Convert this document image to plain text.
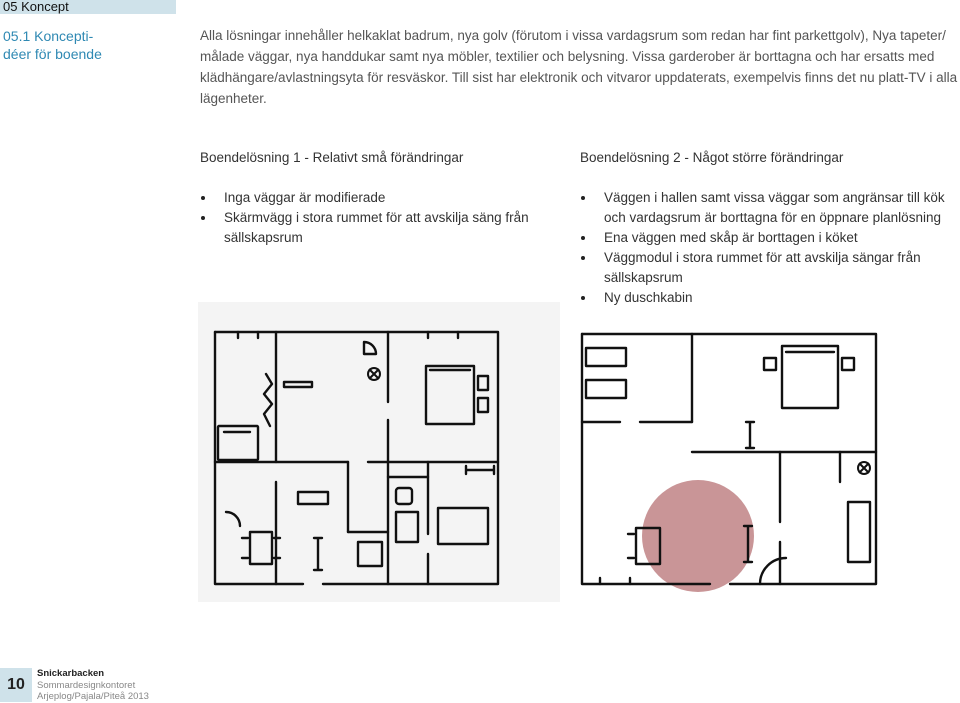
05 Koncept

05.1 Koncepti-
déer för boende

Alla lösningar innehåller helkaklat badrum, nya golv (förutom i vissa vardagsrum som redan har fint parkettgolv), Nya tapeter/
målade väggar, nya handdukar samt nya möbler, textilier och belysning. Vissa garderober är borttagna och har ersatts med
klädhängare/avlastningsyta för resväskor. Till sist har elektronik och vitvaror uppdaterats, exempelvis finns det nu platt-TV i alla
lägenheter.

Boendelösning 1 - Relativt små förändringar
Inga väggar är modifierade
Skärmvägg i stora rummet för att avskilja säng från
sällskapsrum
Boendelösning 2 - Något större förändringar
Väggen i hallen samt vissa väggar som angränsar till kök
och vardagsrum är borttagna för en öppnare planlösning
Ena väggen med skåp är borttagen i köket
Väggmodul i stora rummet för att avskilja sängar från
sällskapsrum
Ny duschkabin
10
Snickarbacken
Sommardesignkontoret
Arjeplog/Pajala/Piteå 2013
